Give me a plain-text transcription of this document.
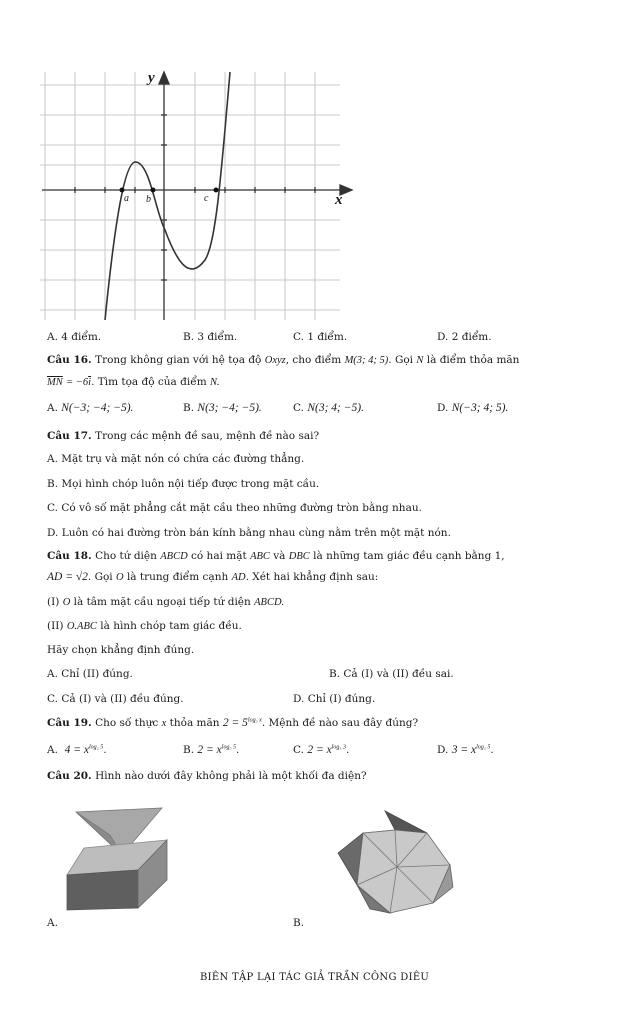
y
x
a b	c
A. 4 điểm.	B. 3 điểm.	C. 1 điểm.	D. 2 điểm.
Câu 16. Trong không gian với hệ tọa độ Oxyz, cho điểm M(3; 4; 5). Gọi N là điểm thỏa mãn
$\overline{MN} = -6\overline{i}$. Tìm tọa độ của điểm N.
A. N(−3; −4; −5).	B. N(3; −4; −5).	C. N(3; 4; −5).	D. N(−3; 4; 5).
Câu 17. Trong các mệnh đề sau, mệnh đề nào sai?
A. Mặt trụ và mặt nón có chứa các đường thẳng.
B. Mọi hình chóp luôn nội tiếp được trong mặt cầu.
C. Có vô số mặt phẳng cắt mặt cầu theo những đường tròn bằng nhau.
D. Luôn có hai đường tròn bán kính bằng nhau cùng nằm trên một mặt nón.
Câu 18. Cho tứ diện ABCD có hai mặt ABC và DBC là những tam giác đều cạnh bằng 1,
AD = √2. Gọi O là trung điểm cạnh AD. Xét hai khẳng định sau:
(I) O là tâm mặt cầu ngoại tiếp tứ diện ABCD.
(II) O.ABC là hình chóp tam giác đều.
Hãy chọn khẳng định đúng.
A. Chỉ (II) đúng.	B. Cả (I) và (II) đều sai.
C. Cả (I) và (II) đều đúng.	D. Chỉ (I) đúng.
Câu 19. Cho số thực x thỏa mãn $2 = 5^{log_3 x}$. Mệnh đề nào sau đây đúng?
A. $4 = x^{log_2 5}$.	B. $2 = x^{log_3 5}$.	C. $2 = x^{log_5 3}$.	D. $3 = x^{log_2 5}$.
Câu 20. Hình nào dưới đây không phải là một khối đa diện?
A.	B.
BIÊN TẬP LẠI TÁC GIẢ TRẦN CÔNG DIÊU
